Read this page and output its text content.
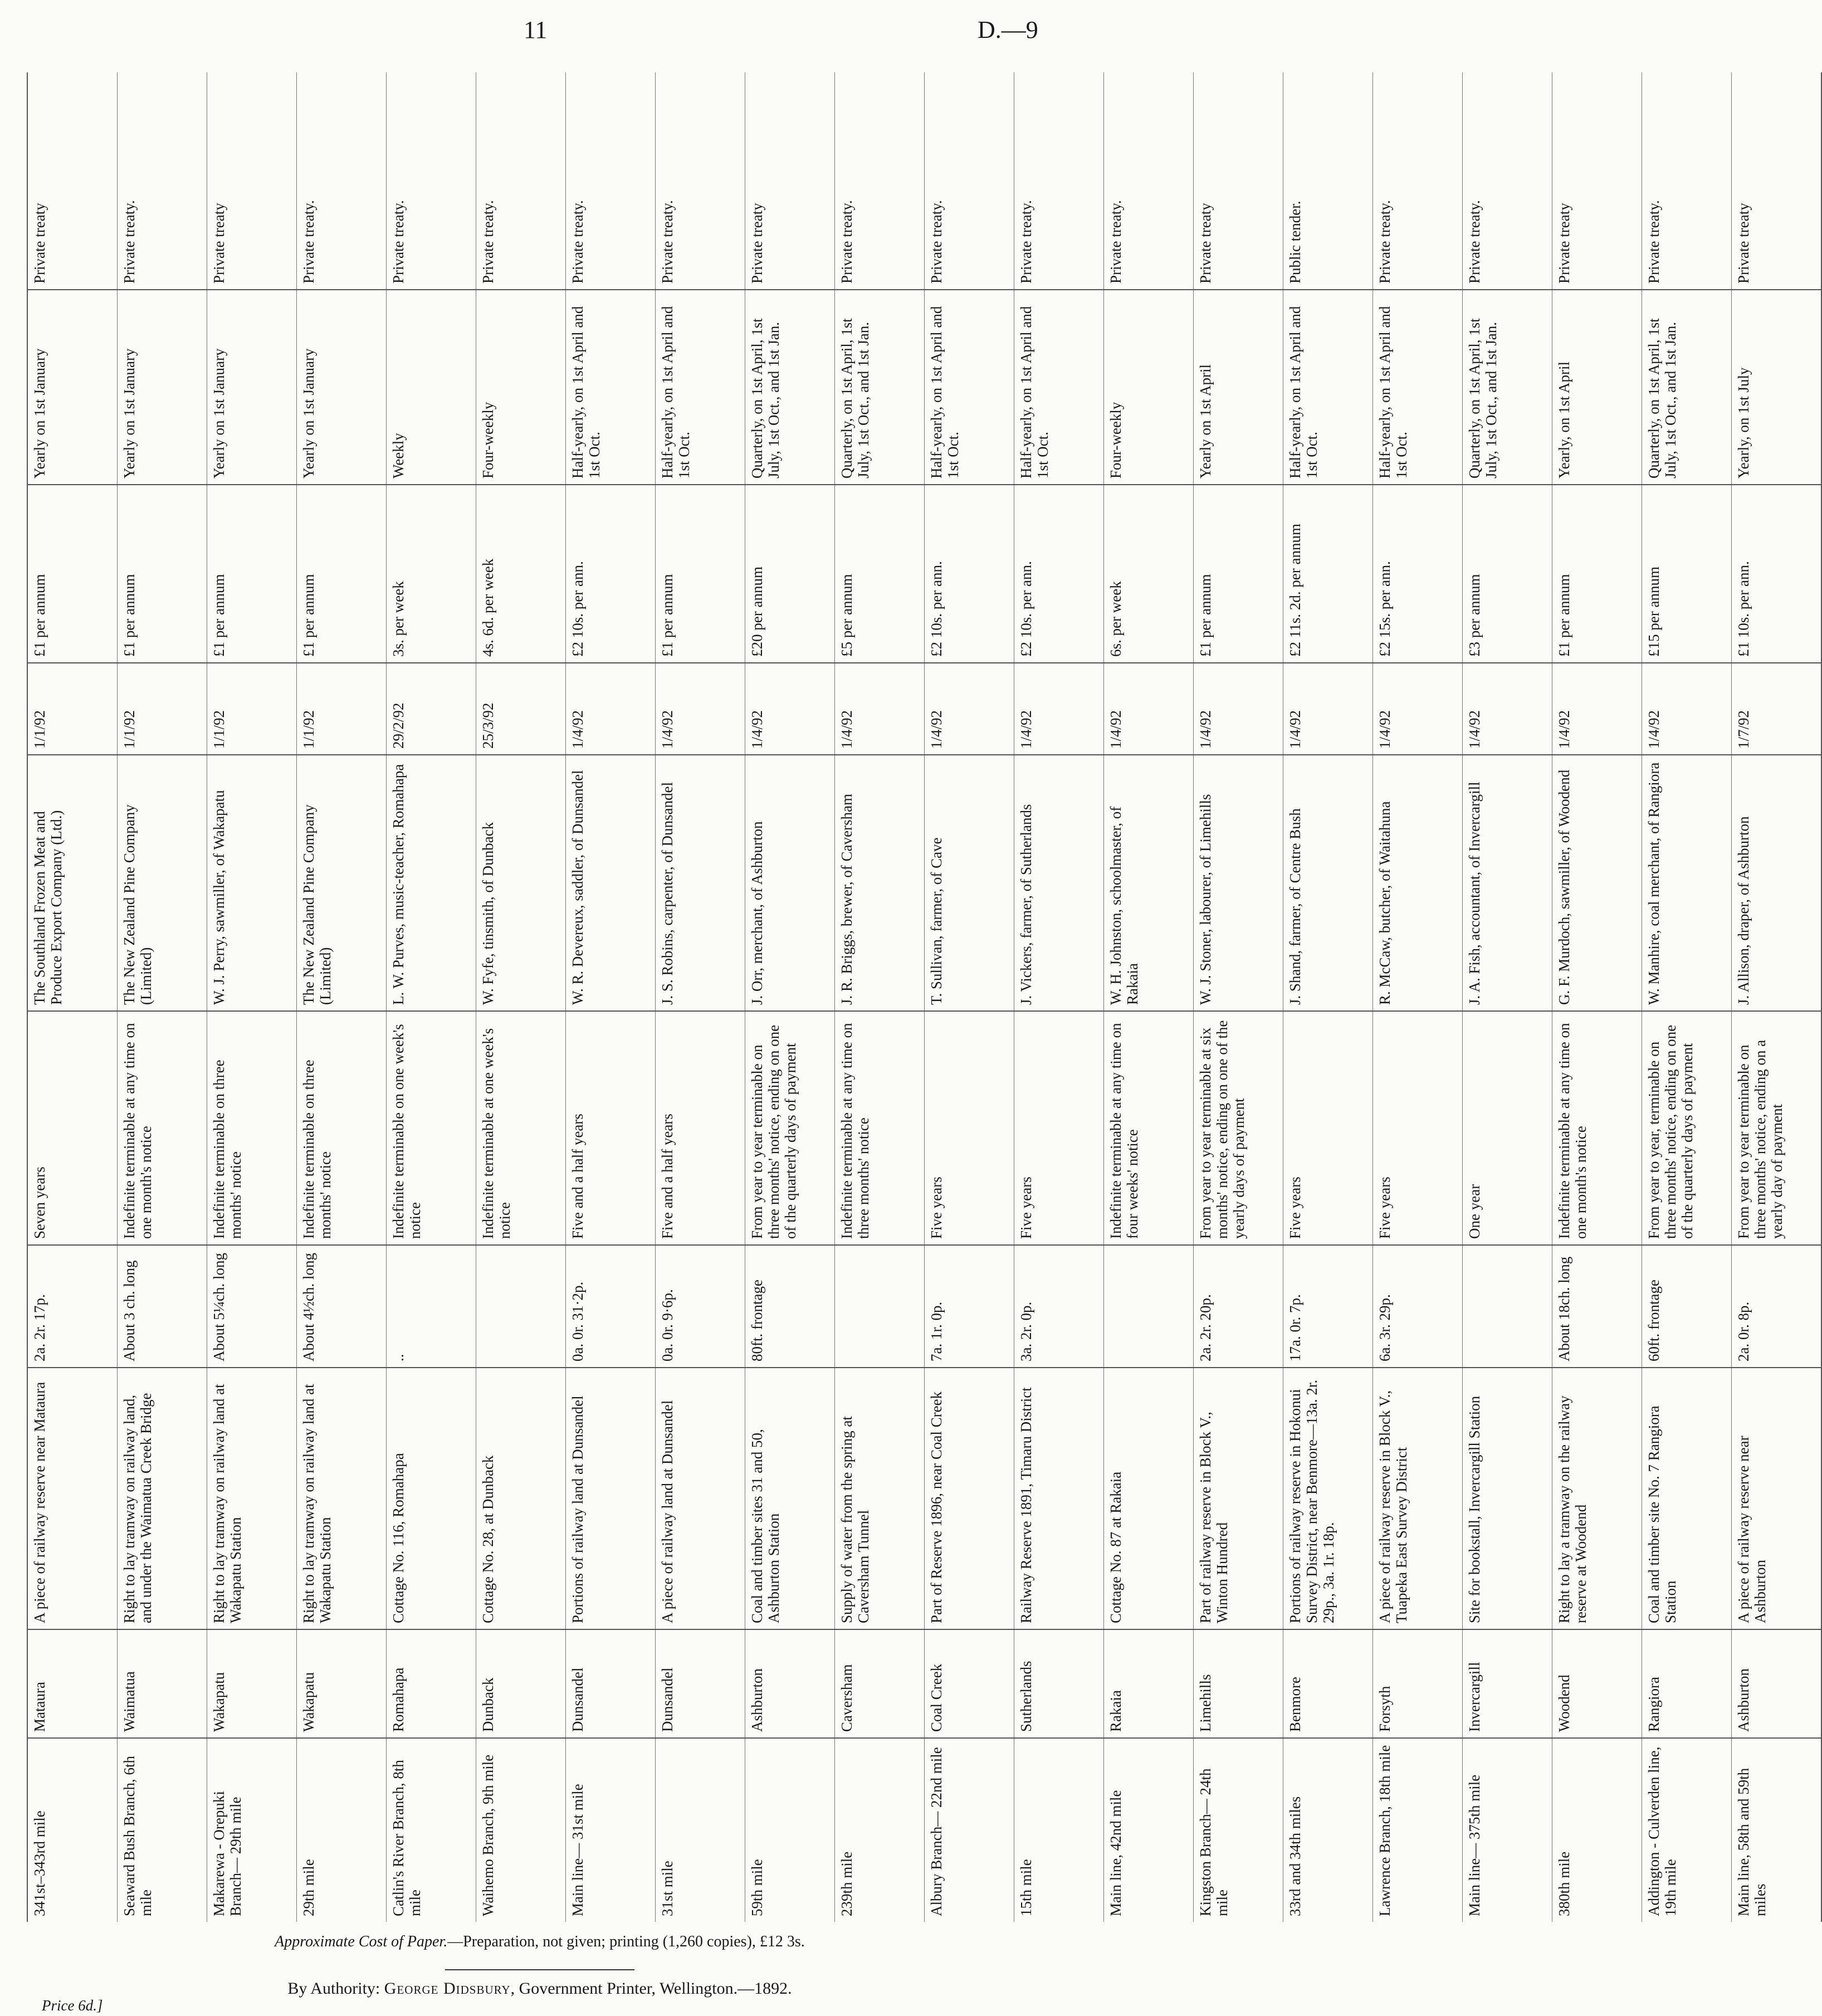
11	D.—9
341st–343rd mile	Mataura	A piece of railway reserve near Mataura	2a. 2r. 17p.	Seven years	The Southland Frozen Meat and Produce Export Company (Ltd.)	1/1/92	£1 per annum	Yearly on 1st January	Private treaty
Seaward Bush Branch, 6th mile	Waimatua	Right to lay tramway on railway land, and under the Waimatua Creek Bridge	About 3 ch. long	Indefinite terminable at any time on one month's notice	The New Zealand Pine Company (Limited)	1/1/92	£1 per annum	Yearly on 1st January	Private treaty.
Makarewa - Orepuki Branch— 29th mile	Wakapatu	Right to lay tramway on railway land at Wakapatu Station	About 5¼ch. long	Indefinite terminable on three months' notice	W. J. Perry, sawmiller, of Wakapatu	1/1/92	£1 per annum	Yearly on 1st January	Private treaty
29th mile	Wakapatu	Right to lay tramway on railway land at Wakapatu Station	About 4½ch. long	Indefinite terminable on three months' notice	The New Zealand Pine Company (Limited)	1/1/92	£1 per annum	Yearly on 1st January	Private treaty.
Catlin's River Branch, 8th mile	Romahapa	Cottage No. 116, Romahapa	..	Indefinite terminable on one week's notice	L. W. Purves, music-teacher, Romahapa	29/2/92	3s. per week	Weekly	Private treaty.
Waihemo Branch, 9th mile	Dunback	Cottage No. 28, at Dunback		Indefinite terminable at one week's notice	W. Fyfe, tinsmith, of Dunback	25/3/92	4s. 6d. per week	Four-weekly	Private treaty.
Main line— 31st mile	Dunsandel	Portions of railway land at Dunsandel	0a. 0r. 31·2p.	Five and a half years	W. R. Devereux, saddler, of Dunsandel	1/4/92	£2 10s. per ann.	Half-yearly, on 1st April and 1st Oct.	Private treaty.
31st mile	Dunsandel	A piece of railway land at Dunsandel	0a. 0r. 9·6p.	Five and a half years	J. S. Robins, carpenter, of Dunsandel	1/4/92	£1 per annum	Half-yearly, on 1st April and 1st Oct.	Private treaty.
59th mile	Ashburton	Coal and timber sites 31 and 50, Ashburton Station	80ft. frontage	From year to year terminable on three months' notice, ending on one of the quarterly days of payment	J. Orr, merchant, of Ashburton	1/4/92	£20 per annum	Quarterly, on 1st April, 1st July, 1st Oct., and 1st Jan.	Private treaty
239th mile	Caversham	Supply of water from the spring at Caversham Tunnel		Indefinite terminable at any time on three months' notice	J. R. Briggs, brewer, of Caversham	1/4/92	£5 per annum	Quarterly, on 1st April, 1st July, 1st Oct., and 1st Jan.	Private treaty.
Albury Branch— 22nd mile	Coal Creek	Part of Reserve 1896, near Coal Creek	7a. 1r. 0p.	Five years	T. Sullivan, farmer, of Cave	1/4/92	£2 10s. per ann.	Half-yearly, on 1st April and 1st Oct.	Private treaty.
15th mile	Sutherlands	Railway Reserve 1891, Timaru District	3a. 2r. 0p.	Five years	J. Vickers, farmer, of Sutherlands	1/4/92	£2 10s. per ann.	Half-yearly, on 1st April and 1st Oct.	Private treaty.
Main line, 42nd mile	Rakaia	Cottage No. 87 at Rakaia		Indefinite terminable at any time on four weeks' notice	W. H. Johnston, schoolmaster, of Rakaia	1/4/92	6s. per week	Four-weekly	Private treaty.
Kingston Branch— 24th mile	Limehills	Part of railway reserve in Block V., Winton Hundred	2a. 2r. 20p.	From year to year terminable at six months' notice, ending on one of the yearly days of payment	W. J. Stoner, labourer, of Limehills	1/4/92	£1 per annum	Yearly on 1st April	Private treaty
33rd and 34th miles	Benmore	Portions of railway reserve in Hokonui Survey District, near Benmore—13a. 2r. 29p., 3a. 1r. 18p.	17a. 0r. 7p.	Five years	J. Shand, farmer, of Centre Bush	1/4/92	£2 11s. 2d. per annum	Half-yearly, on 1st April and 1st Oct.	Public tender.
Lawrence Branch, 18th mile	Forsyth	A piece of railway reserve in Block V., Tuapeka East Survey District	6a. 3r. 29p.	Five years	R. McCaw, butcher, of Waitahuna	1/4/92	£2 15s. per ann.	Half-yearly, on 1st April and 1st Oct.	Private treaty.
Main line— 375th mile	Invercargill	Site for bookstall, Invercargill Station		One year	J. A. Fish, accountant, of Invercargill	1/4/92	£3 per annum	Quarterly, on 1st April, 1st July, 1st Oct., and 1st Jan.	Private treaty.
380th mile	Woodend	Right to lay a tramway on the railway reserve at Woodend	About 18ch. long	Indefinite terminable at any time on one month's notice	G. F. Murdoch, sawmiller, of Woodend	1/4/92	£1 per annum	Yearly, on 1st April	Private treaty
Addington - Culverden line, 19th mile	Rangiora	Coal and timber site No. 7 Rangiora Station	60ft. frontage	From year to year, terminable on three months' notice, ending on one of the quarterly days of payment	W. Manhire, coal merchant, of Rangiora	1/4/92	£15 per annum	Quarterly, on 1st April, 1st July, 1st Oct., and 1st Jan.	Private treaty.
Main line, 58th and 59th miles	Ashburton	A piece of railway reserve near Ashburton	2a. 0r. 8p.	From year to year terminable on three months' notice, ending on a yearly day of payment	J. Allison, draper, of Ashburton	1/7/92	£1 10s. per ann.	Yearly, on 1st July	Private treaty
Approximate Cost of Paper.—Preparation, not given; printing (1,260 copies), £12 3s.
By Authority: George Didsbury, Government Printer, Wellington.—1892.
Price 6d.]
